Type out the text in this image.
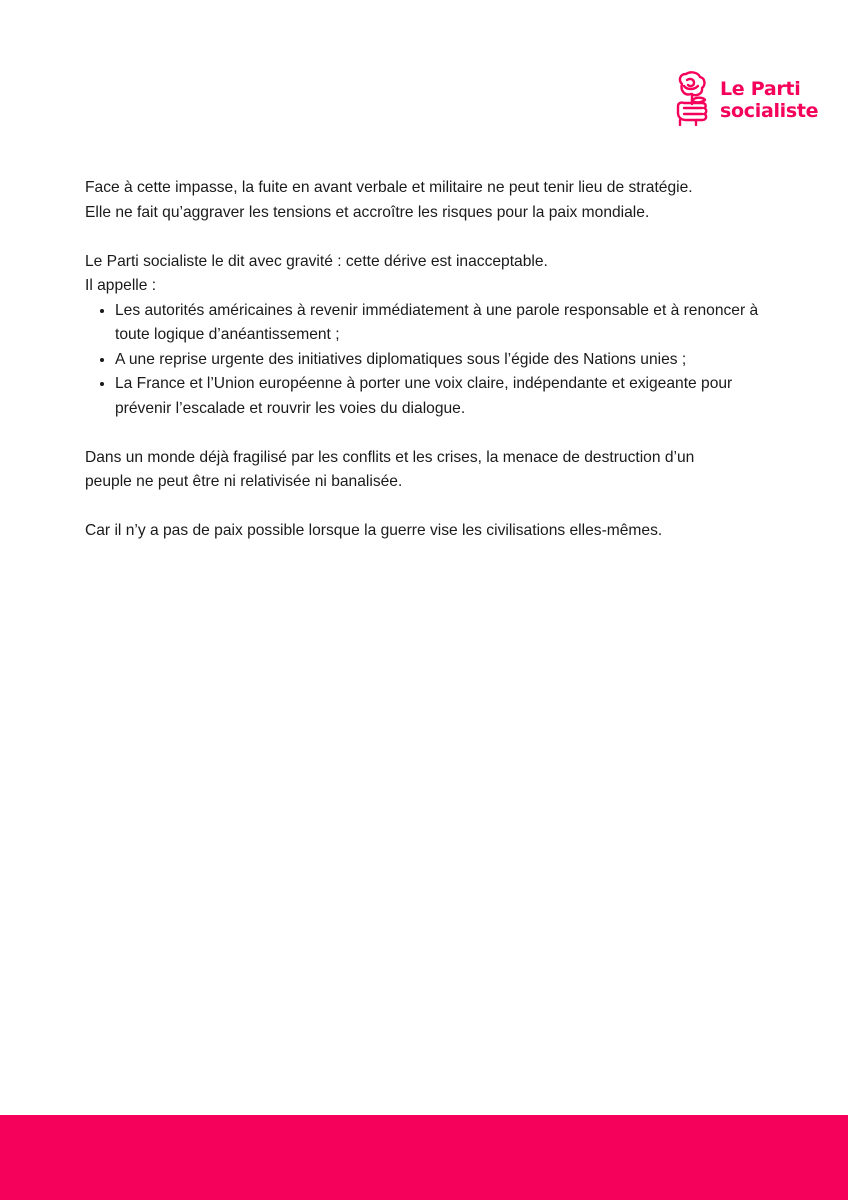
Le Parti
socialiste

Face à cette impasse, la fuite en avant verbale et militaire ne peut tenir lieu de stratégie.

Elle ne fait qu’aggraver les tensions et accroître les risques pour la paix mondiale.

Le Parti socialiste le dit avec gravité : cette dérive est inacceptable.

Il appelle :

• Les autorités américaines à revenir immédiatement à une parole responsable et à renoncer à toute logique d’anéantissement ;
• A une reprise urgente des initiatives diplomatiques sous l’égide des Nations unies ;
• La France et l’Union européenne à porter une voix claire, indépendante et exigeante pour prévenir l’escalade et rouvrir les voies du dialogue.

Dans un monde déjà fragilisé par les conflits et les crises, la menace de destruction d’un

peuple ne peut être ni relativisée ni banalisée.

Car il n’y a pas de paix possible lorsque la guerre vise les civilisations elles-mêmes.
